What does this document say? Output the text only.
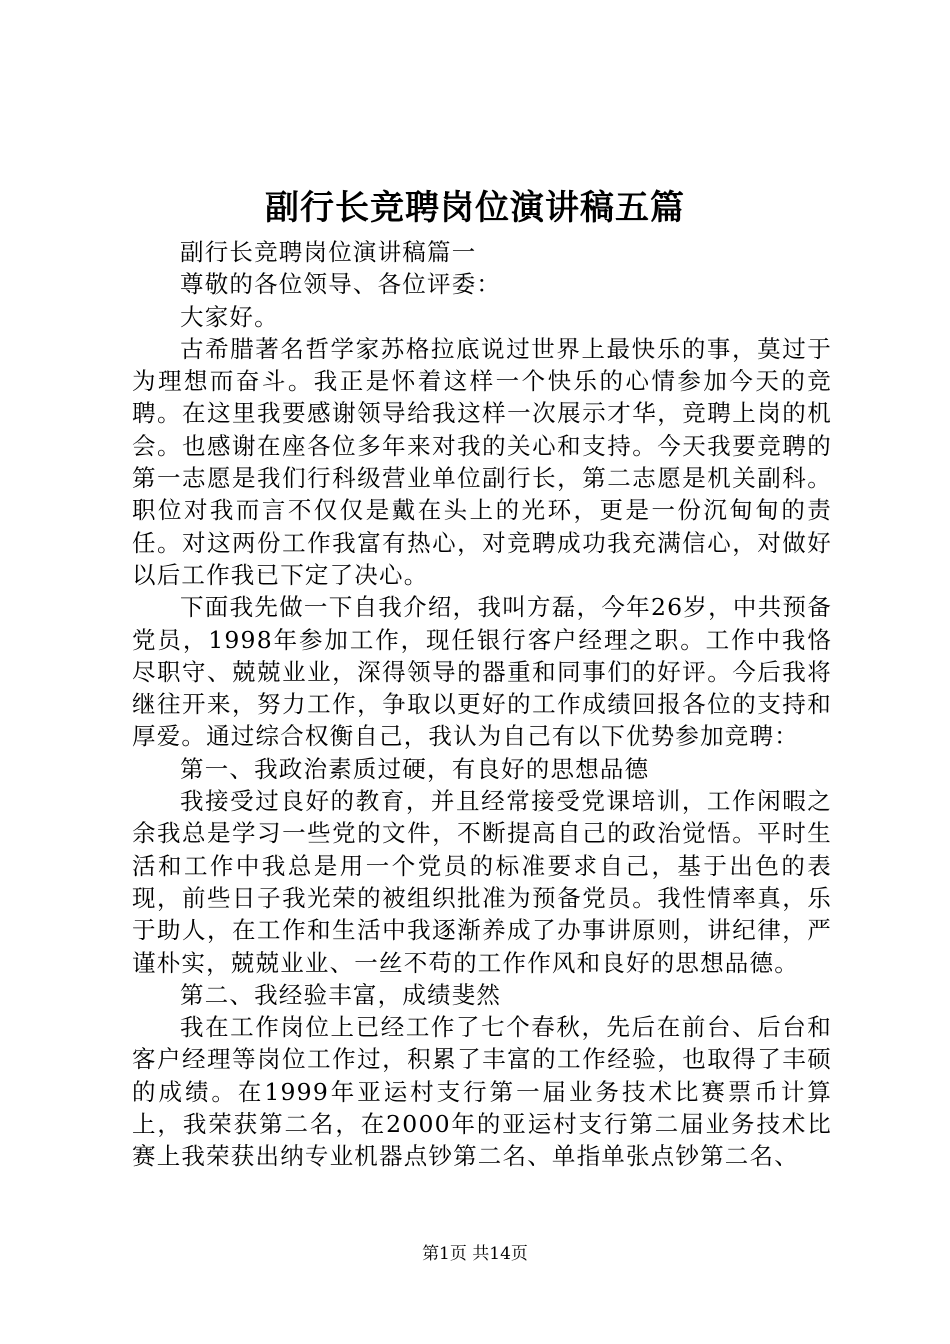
副行长竞聘岗位演讲稿五篇

副行长竞聘岗位演讲稿篇一

尊敬的各位领导、各位评委：

大家好。

古希腊著名哲学家苏格拉底说过世界上最快乐的事，莫过于为理想而奋斗。我正是怀着这样一个快乐的心情参加今天的竞聘。在这里我要感谢领导给我这样一次展示才华，竞聘上岗的机会。也感谢在座各位多年来对我的关心和支持。今天我要竞聘的第一志愿是我们行科级营业单位副行长，第二志愿是机关副科。职位对我而言不仅仅是戴在头上的光环，更是一份沉甸甸的责任。对这两份工作我富有热心，对竞聘成功我充满信心，对做好以后工作我已下定了决心。

下面我先做一下自我介绍，我叫方磊，今年26岁，中共预备党员，1998年参加工作，现任银行客户经理之职。工作中我恪尽职守、兢兢业业，深得领导的器重和同事们的好评。今后我将继往开来，努力工作，争取以更好的工作成绩回报各位的支持和厚爱。通过综合权衡自己，我认为自己有以下优势参加竞聘：

第一、我政治素质过硬，有良好的思想品德

我接受过良好的教育，并且经常接受党课培训，工作闲暇之余我总是学习一些党的文件，不断提高自己的政治觉悟。平时生活和工作中我总是用一个党员的标准要求自己，基于出色的表现，前些日子我光荣的被组织批准为预备党员。我性情率真，乐于助人，在工作和生活中我逐渐养成了办事讲原则，讲纪律，严谨朴实，兢兢业业、一丝不苟的工作作风和良好的思想品德。

第二、我经验丰富，成绩斐然

我在工作岗位上已经工作了七个春秋，先后在前台、后台和客户经理等岗位工作过，积累了丰富的工作经验，也取得了丰硕的成绩。在1999年亚运村支行第一届业务技术比赛票币计算上，我荣获第二名，在2000年的亚运村支行第二届业务技术比赛上我荣获出纳专业机器点钞第二名、单指单张点钞第二名、

第1页 共14页
